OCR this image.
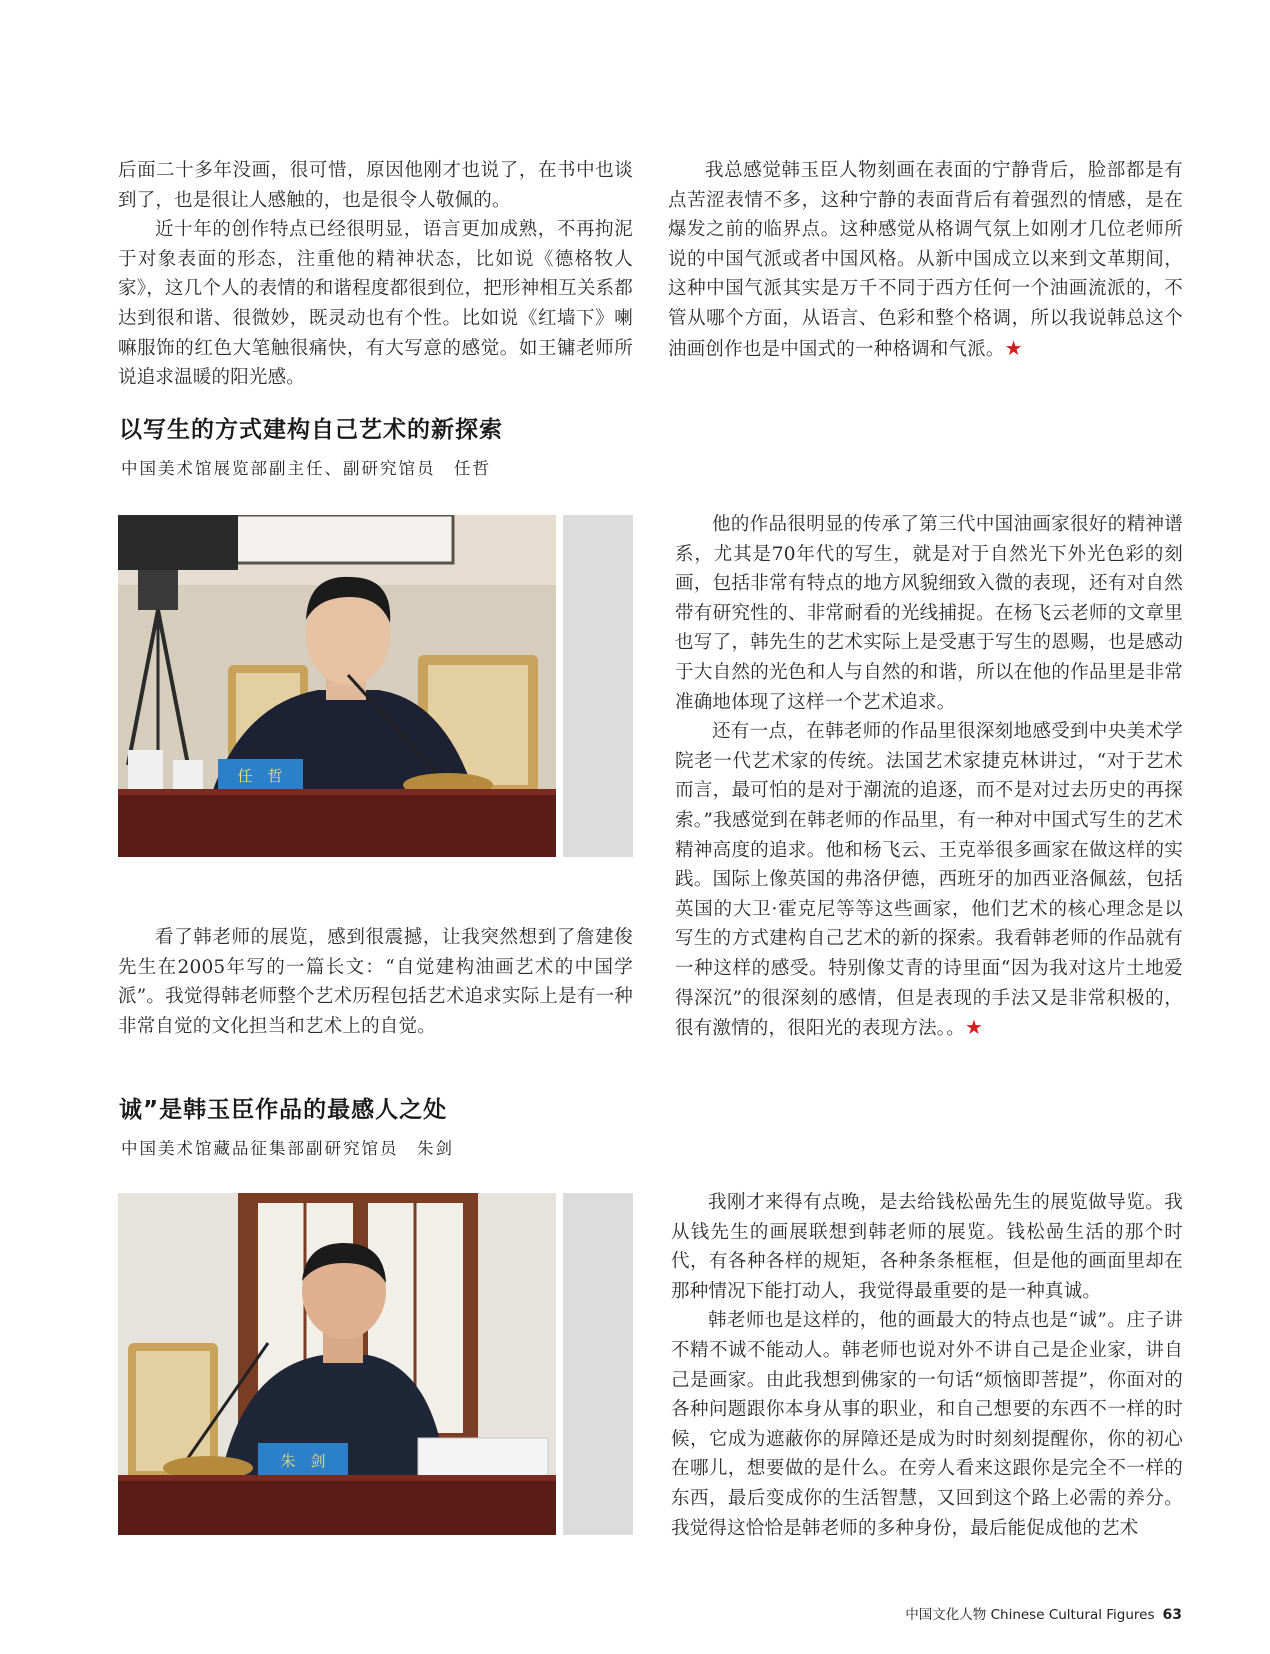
后面二十多年没画，很可惜，原因他刚才也说了，在书中也谈到了，也是很让人感触的，也是很令人敬佩的。

近十年的创作特点已经很明显，语言更加成熟，不再拘泥于对象表面的形态，注重他的精神状态，比如说《德格牧人家》，这几个人的表情的和谐程度都很到位，把形神相互关系都达到很和谐、很微妙，既灵动也有个性。比如说《红墙下》喇嘛服饰的红色大笔触很痛快，有大写意的感觉。如王镛老师所说追求温暖的阳光感。

我总感觉韩玉臣人物刻画在表面的宁静背后，脸部都是有点苦涩表情不多，这种宁静的表面背后有着强烈的情感，是在爆发之前的临界点。这种感觉从格调气氛上如刚才几位老师所说的中国气派或者中国风格。从新中国成立以来到文革期间，这种中国气派其实是万千不同于西方任何一个油画流派的，不管从哪个方面，从语言、色彩和整个格调，所以我说韩总这个油画创作也是中国式的一种格调和气派。★

以写生的方式建构自己艺术的新探索

中国美术馆展览部副主任、副研究馆员　任哲

任　哲

看了韩老师的展览，感到很震撼，让我突然想到了詹建俊先生在2005年写的一篇长文：“自觉建构油画艺术的中国学派”。我觉得韩老师整个艺术历程包括艺术追求实际上是有一种非常自觉的文化担当和艺术上的自觉。

他的作品很明显的传承了第三代中国油画家很好的精神谱系，尤其是70年代的写生，就是对于自然光下外光色彩的刻画，包括非常有特点的地方风貌细致入微的表现，还有对自然带有研究性的、非常耐看的光线捕捉。在杨飞云老师的文章里也写了，韩先生的艺术实际上是受惠于写生的恩赐，也是感动于大自然的光色和人与自然的和谐，所以在他的作品里是非常准确地体现了这样一个艺术追求。

还有一点，在韩老师的作品里很深刻地感受到中央美术学院老一代艺术家的传统。法国艺术家捷克林讲过，“对于艺术而言，最可怕的是对于潮流的追逐，而不是对过去历史的再探索。”我感觉到在韩老师的作品里，有一种对中国式写生的艺术精神高度的追求。他和杨飞云、王克举很多画家在做这样的实践。国际上像英国的弗洛伊德，西班牙的加西亚洛佩兹，包括英国的大卫·霍克尼等等这些画家，他们艺术的核心理念是以写生的方式建构自己艺术的新的探索。我看韩老师的作品就有一种这样的感受。特别像艾青的诗里面“因为我对这片土地爱得深沉”的很深刻的感情，但是表现的手法又是非常积极的，很有激情的，很阳光的表现方法。。★

诚”是韩玉臣作品的最感人之处

中国美术馆藏品征集部副研究馆员　朱剑

朱　剑

我刚才来得有点晚，是去给钱松喦先生的展览做导览。我从钱先生的画展联想到韩老师的展览。钱松喦生活的那个时代，有各种各样的规矩，各种条条框框，但是他的画面里却在那种情况下能打动人，我觉得最重要的是一种真诚。

韩老师也是这样的，他的画最大的特点也是“诚”。庄子讲不精不诚不能动人。韩老师也说对外不讲自己是企业家，讲自己是画家。由此我想到佛家的一句话“烦恼即菩提”，你面对的各种问题跟你本身从事的职业，和自己想要的东西不一样的时候，它成为遮蔽你的屏障还是成为时时刻刻提醒你，你的初心在哪儿，想要做的是什么。在旁人看来这跟你是完全不一样的东西，最后变成你的生活智慧，又回到这个路上必需的养分。我觉得这恰恰是韩老师的多种身份，最后能促成他的艺术

中国文化人物 Chinese Cultural Figures 63
